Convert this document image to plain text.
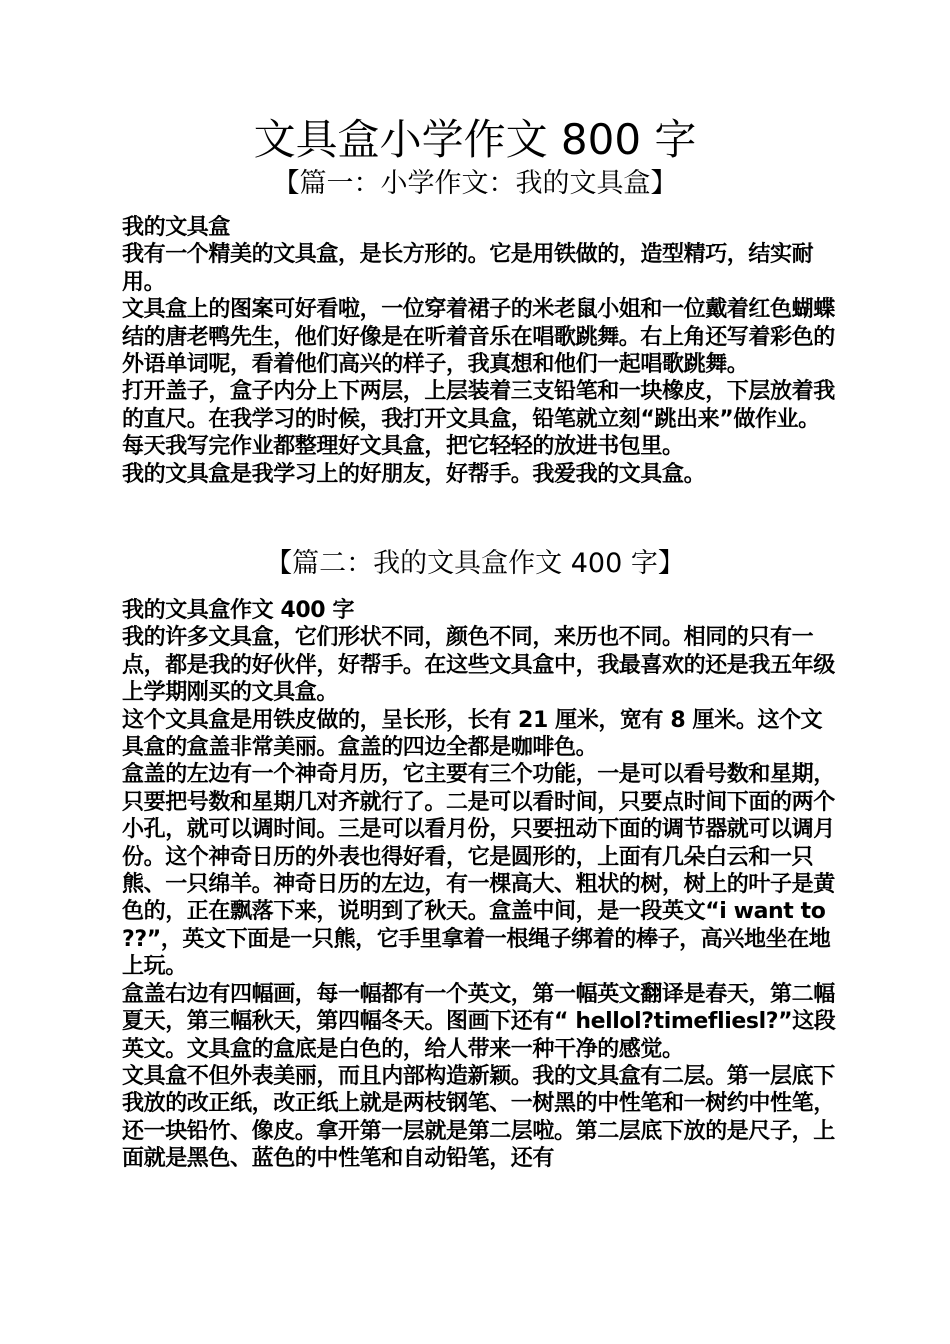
文具盒小学作文 800 字
【篇一：小学作文：我的文具盒】

我的文具盒

我有一个精美的文具盒，是长方形的。它是用铁做的，造型精巧，结实耐用。

文具盒上的图案可好看啦，一位穿着裙子的米老鼠小姐和一位戴着红色蝴蝶结的唐老鸭先生，他们好像是在听着音乐在唱歌跳舞。右上角还写着彩色的外语单词呢，看着他们高兴的样子，我真想和他们一起唱歌跳舞。

打开盖子，盒子内分上下两层，上层装着三支铅笔和一块橡皮，下层放着我的直尺。在我学习的时候，我打开文具盒，铅笔就立刻“跳出来”做作业。每天我写完作业都整理好文具盒，把它轻轻的放进书包里。

我的文具盒是我学习上的好朋友，好帮手。我爱我的文具盒。

【篇二：我的文具盒作文 400 字】

我的文具盒作文 400 字

我的许多文具盒，它们形状不同，颜色不同，来历也不同。相同的只有一点，都是我的好伙伴，好帮手。在这些文具盒中，我最喜欢的还是我五年级上学期刚买的文具盒。

这个文具盒是用铁皮做的，呈长形，长有 21 厘米，宽有 8 厘米。这个文具盒的盒盖非常美丽。盒盖的四边全都是咖啡色。

盒盖的左边有一个神奇月历，它主要有三个功能，一是可以看号数和星期，只要把号数和星期几对齐就行了。二是可以看时间，只要点时间下面的两个小孔，就可以调时间。三是可以看月份，只要扭动下面的调节器就可以调月份。这个神奇日历的外表也得好看，它是圆形的，上面有几朵白云和一只熊、一只绵羊。神奇日历的左边，有一棵高大、粗状的树，树上的叶子是黄色的，正在飘落下来，说明到了秋天。盒盖中间，是一段英文“i want to ??”，英文下面是一只熊，它手里拿着一根绳子绑着的棒子，高兴地坐在地上玩。

盒盖右边有四幅画，每一幅都有一个英文，第一幅英文翻译是春天，第二幅夏天，第三幅秋天，第四幅冬天。图画下还有“ hellol?timefliesl?”这段英文。文具盒的盒底是白色的，给人带来一种干净的感觉。

文具盒不但外表美丽，而且内部构造新颖。我的文具盒有二层。第一层底下我放的改正纸，改正纸上就是两枝钢笔、一树黑的中性笔和一树约中性笔，还一块铅竹、像皮。拿开第一层就是第二层啦。第二层底下放的是尺子，上面就是黑色、蓝色的中性笔和自动铅笔，还有
